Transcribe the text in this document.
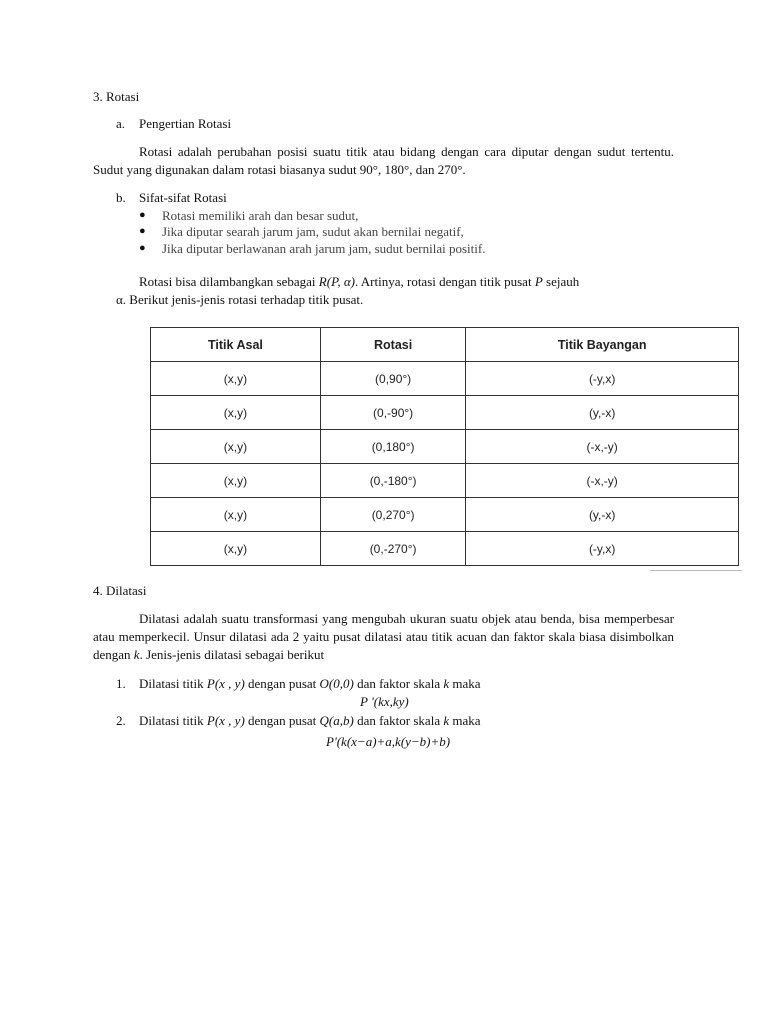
3. Rotasi
a. Pengertian Rotasi
Rotasi adalah perubahan posisi suatu titik atau bidang dengan cara diputar dengan sudut tertentu. Sudut yang digunakan dalam rotasi biasanya sudut 90°, 180°, dan 270°.
b. Sifat-sifat Rotasi
● Rotasi memiliki arah dan besar sudut,
● Jika diputar searah jarum jam, sudut akan bernilai negatif,
● Jika diputar berlawanan arah jarum jam, sudut bernilai positif.
Rotasi bisa dilambangkan sebagai R(P, α). Artinya, rotasi dengan titik pusat P sejauh
α. Berikut jenis-jenis rotasi terhadap titik pusat.
Titik Asal	Rotasi	Titik Bayangan
(x,y)	(0,90°)	(-y,x)
(x,y)	(0,-90°)	(y,-x)
(x,y)	(0,180°)	(-x,-y)
(x,y)	(0,-180°)	(-x,-y)
(x,y)	(0,270°)	(y,-x)
(x,y)	(0,-270°)	(-y,x)
4. Dilatasi
Dilatasi adalah suatu transformasi yang mengubah ukuran suatu objek atau benda, bisa memperbesar atau memperkecil. Unsur dilatasi ada 2 yaitu pusat dilatasi atau titik acuan dan faktor skala biasa disimbolkan dengan k. Jenis-jenis dilatasi sebagai berikut
1. Dilatasi titik P(x , y) dengan pusat O(0,0) dan faktor skala k maka
P '(kx,ky)
2. Dilatasi titik P(x , y) dengan pusat Q(a,b) dan faktor skala k maka
P'(k(x−a)+a,k(y−b)+b)
